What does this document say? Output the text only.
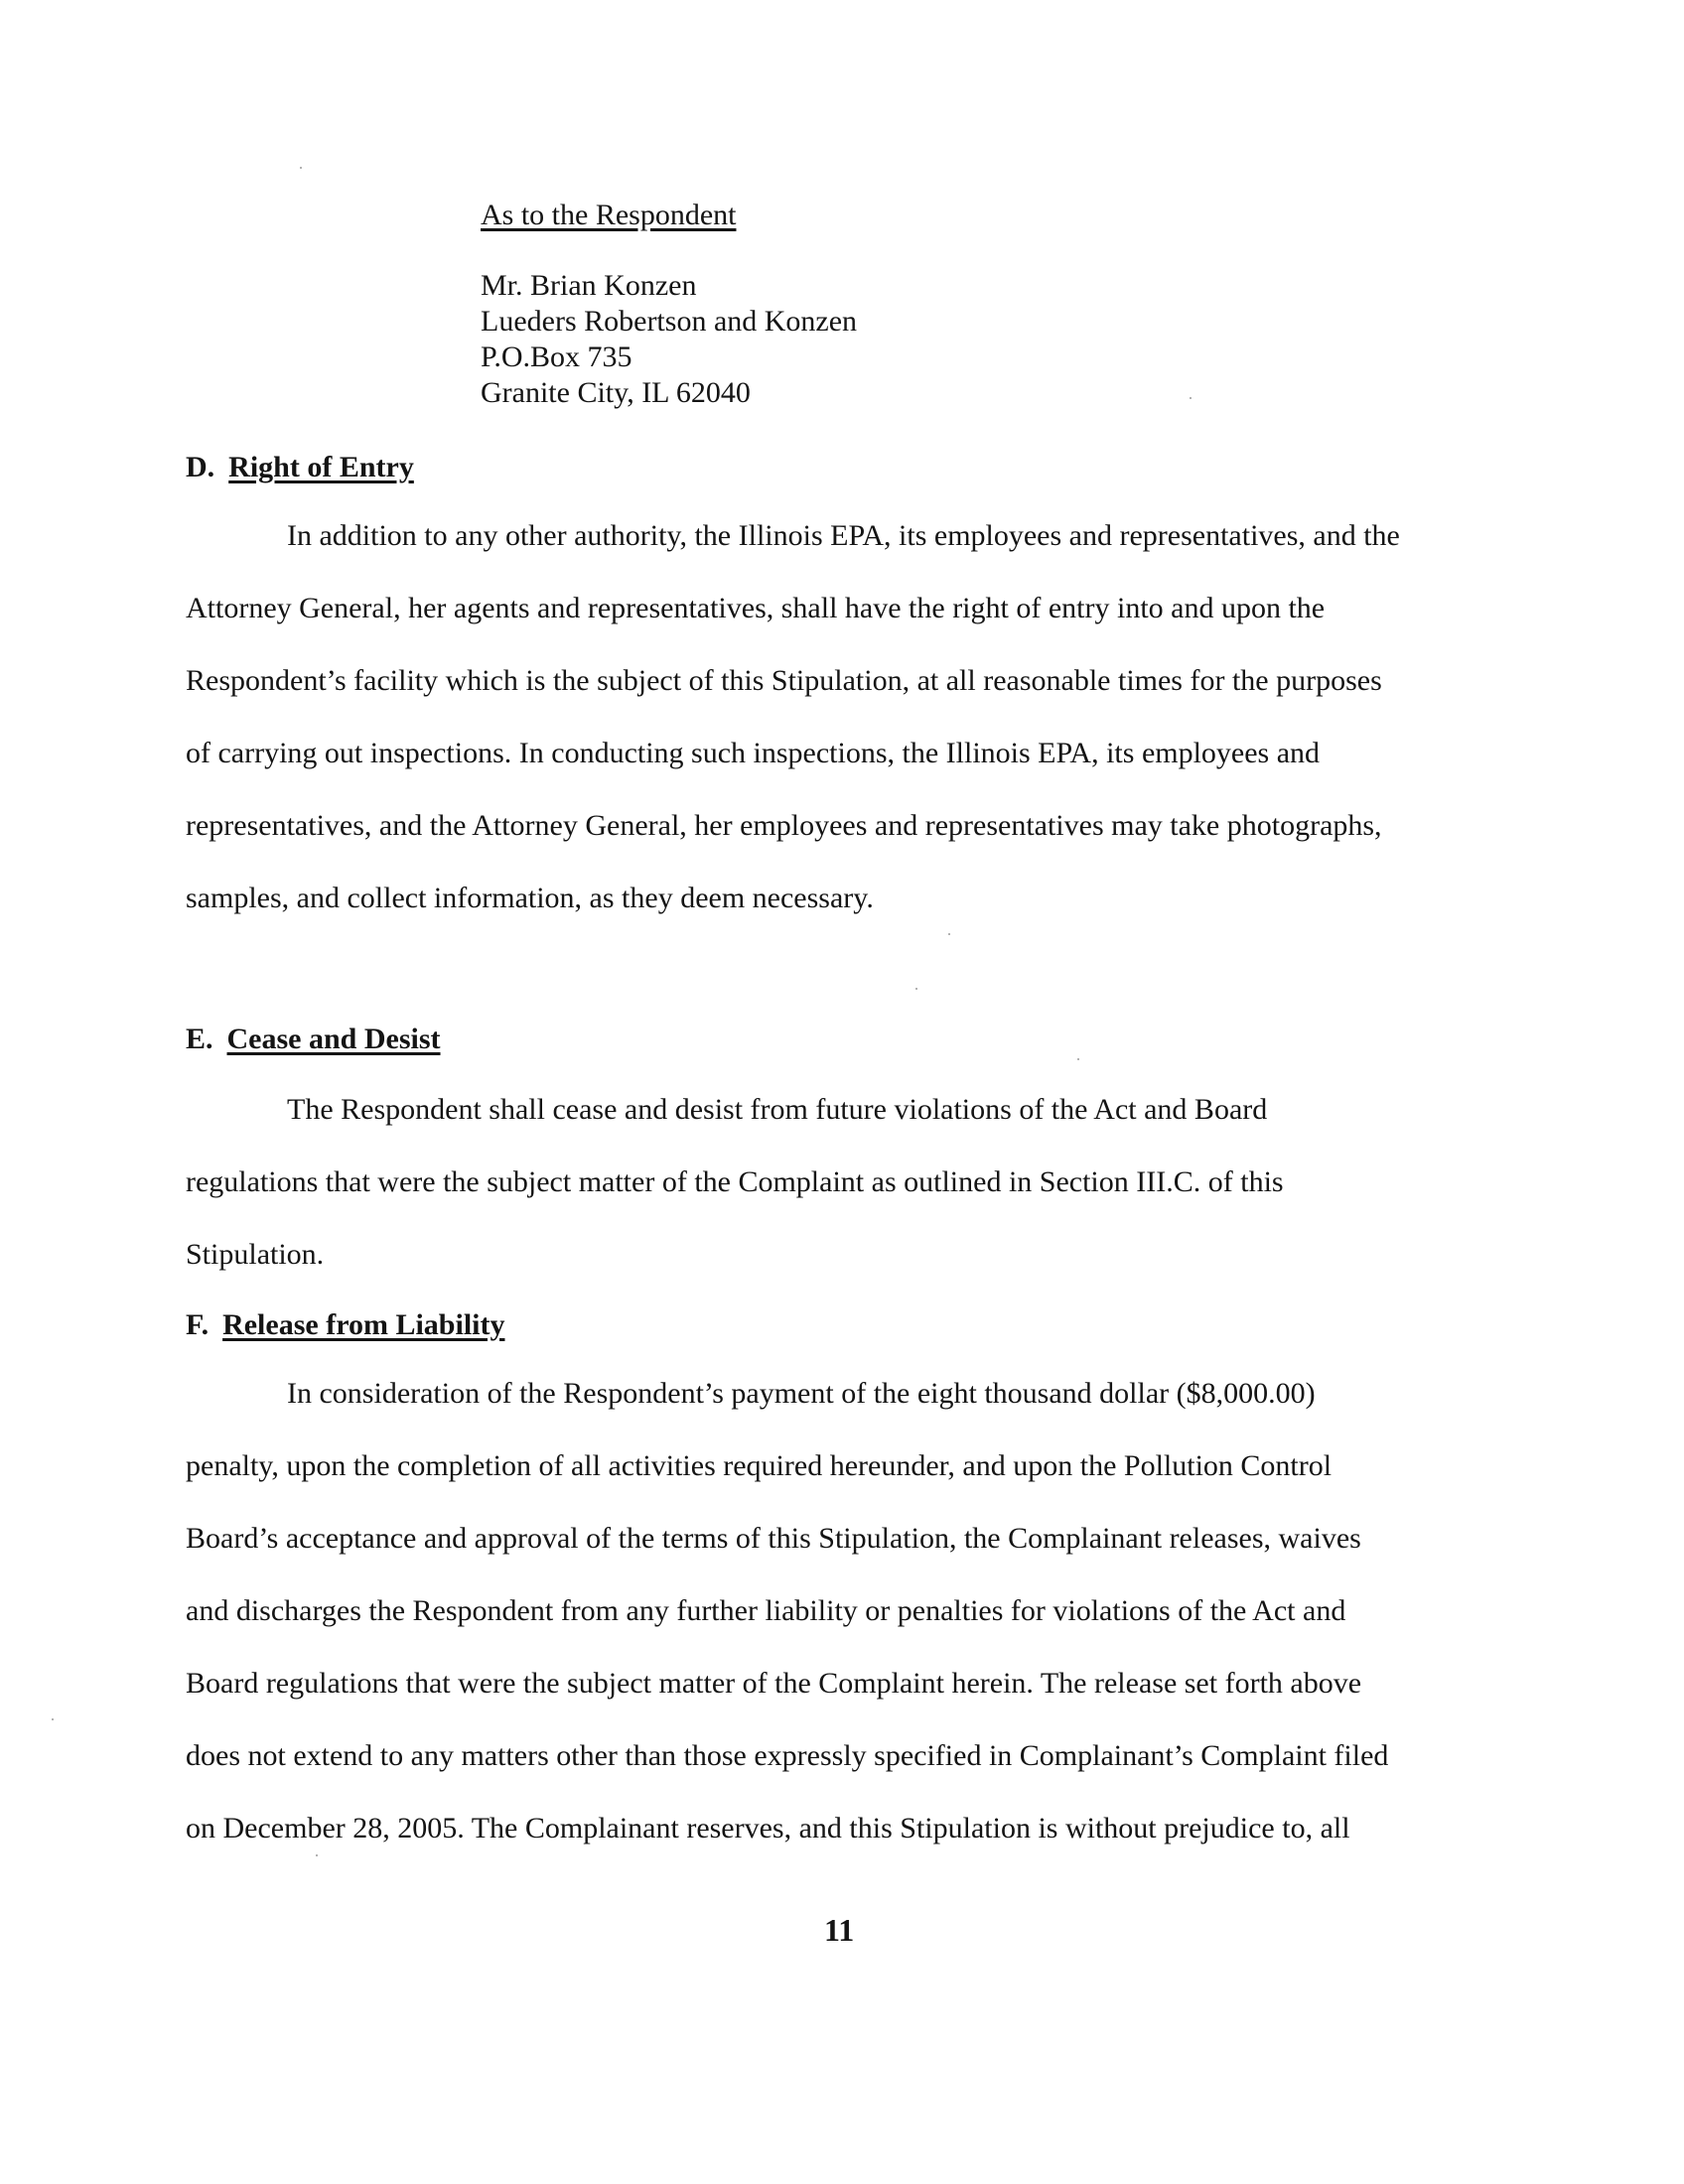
As to the Respondent
Mr. Brian Konzen
Lueders Robertson and Konzen
P.O.Box 735
Granite City, IL 62040
D. Right of Entry
In addition to any other authority, the Illinois EPA, its employees and representatives, and the
Attorney General, her agents and representatives, shall have the right of entry into and upon the
Respondent’s facility which is the subject of this Stipulation, at all reasonable times for the purposes
of carrying out inspections. In conducting such inspections, the Illinois EPA, its employees and
representatives, and the Attorney General, her employees and representatives may take photographs,
samples, and collect information, as they deem necessary.
E. Cease and Desist
The Respondent shall cease and desist from future violations of the Act and Board
regulations that were the subject matter of the Complaint as outlined in Section III.C. of this
Stipulation.
F. Release from Liability
In consideration of the Respondent’s payment of the eight thousand dollar ($8,000.00)
penalty, upon the completion of all activities required hereunder, and upon the Pollution Control
Board’s acceptance and approval of the terms of this Stipulation, the Complainant releases, waives
and discharges the Respondent from any further liability or penalties for violations of the Act and
Board regulations that were the subject matter of the Complaint herein. The release set forth above
does not extend to any matters other than those expressly specified in Complainant’s Complaint filed
on December 28, 2005. The Complainant reserves, and this Stipulation is without prejudice to, all
11
